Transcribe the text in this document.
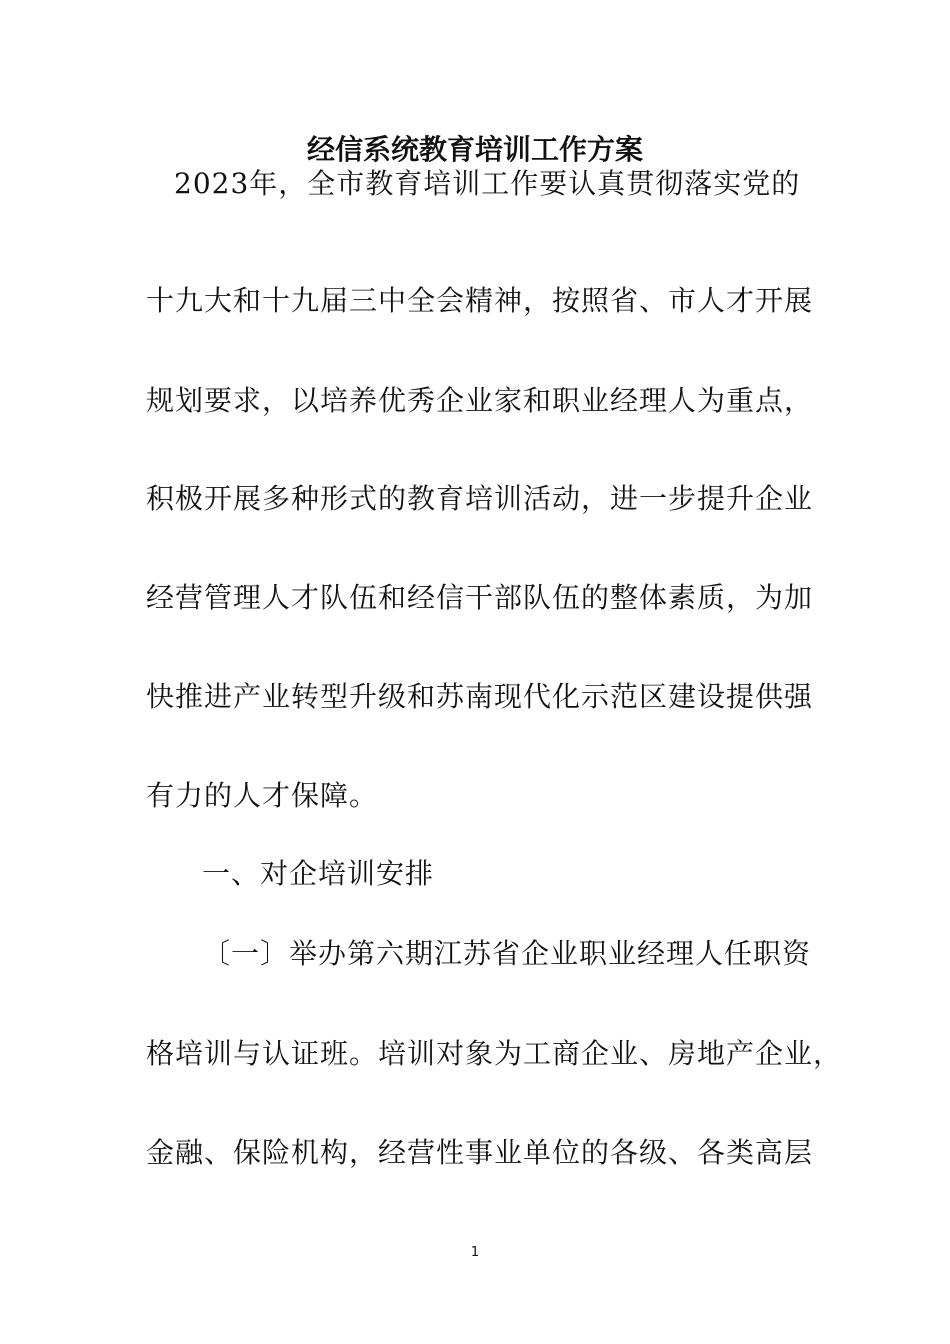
经信系统教育培训工作方案
2023年，全市教育培训工作要认真贯彻落实党的
十九大和十九届三中全会精神，按照省、市人才开展
规划要求，以培养优秀企业家和职业经理人为重点，
积极开展多种形式的教育培训活动，进一步提升企业
经营管理人才队伍和经信干部队伍的整体素质，为加
快推进产业转型升级和苏南现代化示范区建设提供强
有力的人才保障。
一、对企培训安排
〔一〕举办第六期江苏省企业职业经理人任职资
格培训与认证班。培训对象为工商企业、房地产企业，
金融、保险机构，经营性事业单位的各级、各类高层
1
